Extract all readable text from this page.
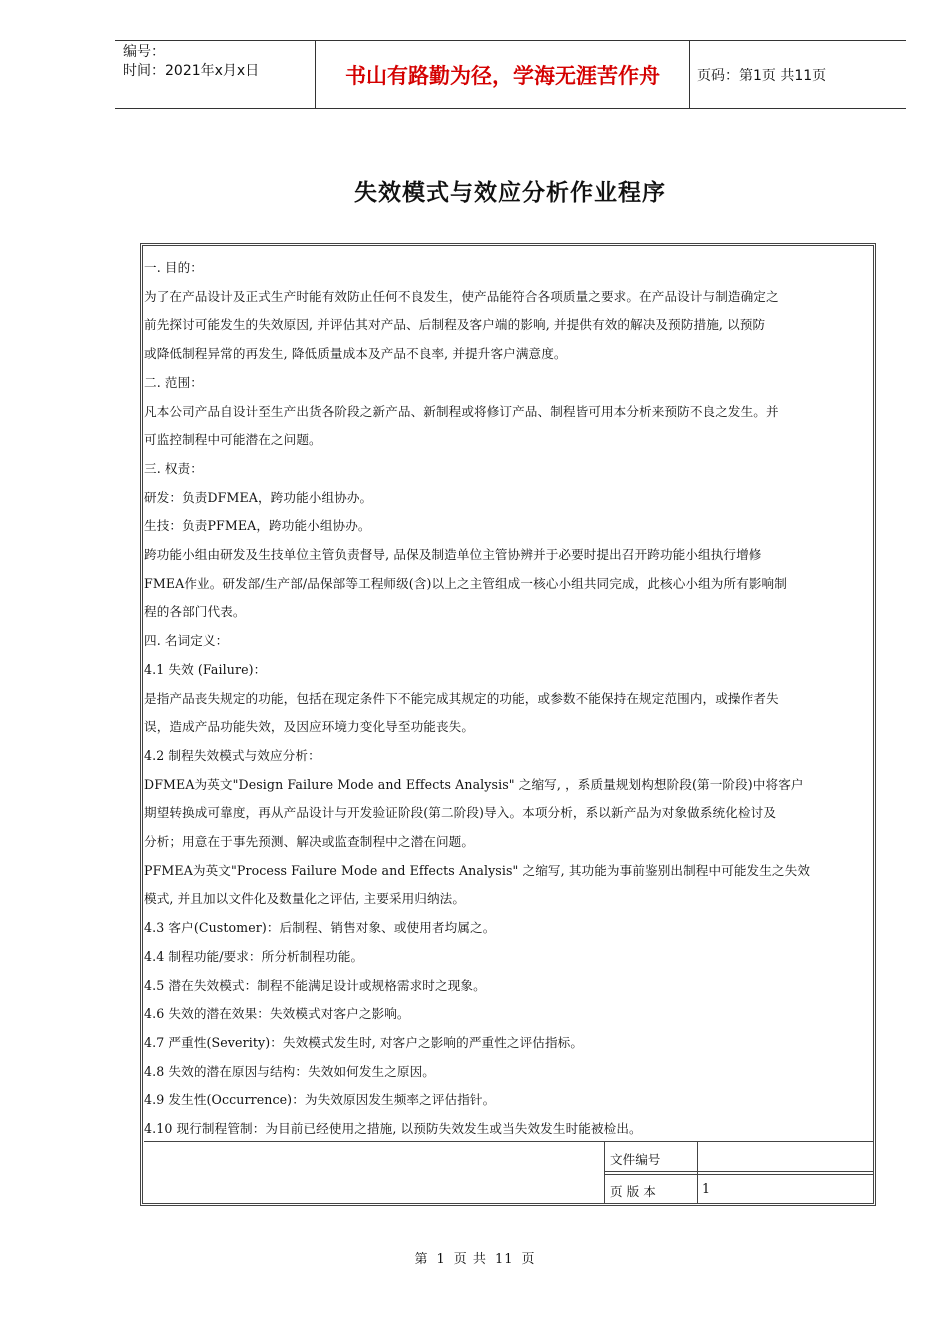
编号：
时间：2021年x月x日	书山有路勤为径，学海无涯苦作舟	页码：第1页 共11页
失效模式与效应分析作业程序

一. 目的：

为了在产品设计及正式生产时能有效防止任何不良发生，使产品能符合各项质量之要求。在产品设计与制造确定之

前先探讨可能发生的失效原因, 并评估其对产品、后制程及客户端的影响, 并提供有效的解决及预防措施, 以预防

或降低制程异常的再发生, 降低质量成本及产品不良率, 并提升客户满意度。

二. 范围：

凡本公司产品自设计至生产出货各阶段之新产品、新制程或将修订产品、制程皆可用本分析来预防不良之发生。并

可监控制程中可能潜在之问题。

三. 权责：

研发：负责DFMEA，跨功能小组协办。

生技：负责PFMEA，跨功能小组协办。

跨功能小组由研发及生技单位主管负责督导, 品保及制造单位主管协辨并于必要时提出召开跨功能小组执行增修

FMEA作业。研发部/生产部/品保部等工程师级(含)以上之主管组成一核心小组共同完成，此核心小组为所有影响制

程的各部门代表。

四. 名词定义：

4.1 失效 (Failure)：

是指产品丧失规定的功能，包括在现定条件下不能完成其规定的功能，或参数不能保持在规定范围内，或操作者失

误，造成产品功能失效，及因应环境力变化导至功能丧失。

4.2 制程失效模式与效应分析：

DFMEA为英文"Design Failure Mode and Effects Analysis" 之缩写, ，系质量规划构想阶段(第一阶段)中将客户

期望转换成可靠度，再从产品设计与开发验证阶段(第二阶段)导入。本项分析，系以新产品为对象做系统化检讨及

分析；用意在于事先预测、解决或监查制程中之潜在问题。

PFMEA为英文"Process Failure Mode and Effects Analysis" 之缩写, 其功能为事前鉴别出制程中可能发生之失效

模式, 并且加以文件化及数量化之评估, 主要采用归纳法。

4.3 客户(Customer)：后制程、销售对象、或使用者均属之。

4.4 制程功能/要求：所分析制程功能。

4.5 潜在失效模式：制程不能满足设计或规格需求时之现象。

4.6 失效的潜在效果：失效模式对客户之影响。

4.7 严重性(Severity)：失效模式发生时, 对客户之影响的严重性之评估指标。

4.8 失效的潜在原因与结构：失效如何发生之原因。

4.9 发生性(Occurrence)：为失效原因发生频率之评估指针。

4.10 现行制程管制：为目前已经使用之措施, 以预防失效发生或当失效发生时能被检出。

文件编号
页 版 本	1
第 1 页 共 11 页
